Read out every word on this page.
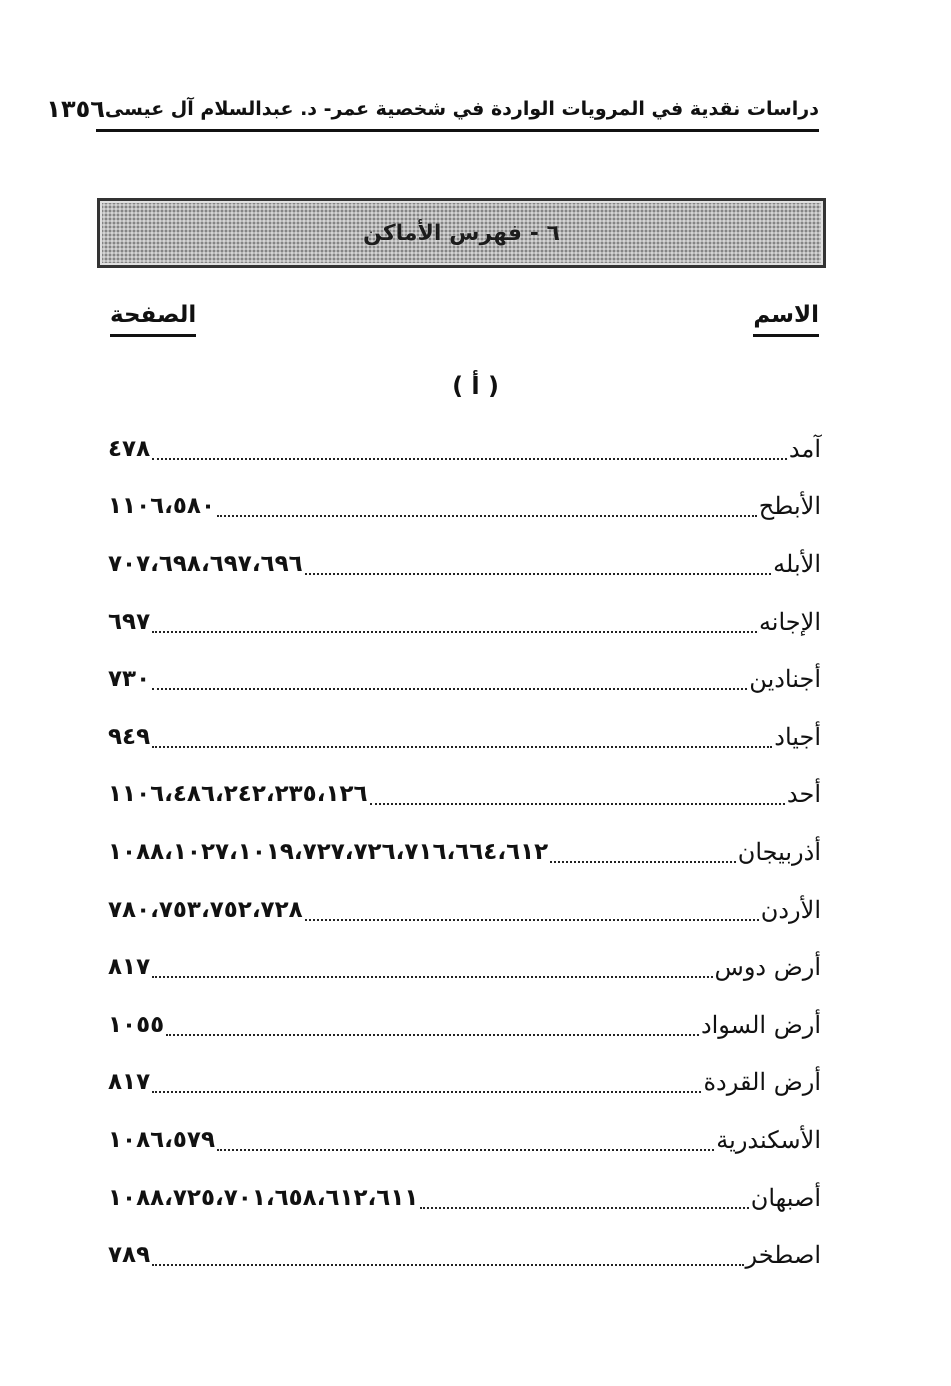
دراسات نقدية في المرويات الواردة في شخصية عمر- د. عبدالسلام آل عيسى
١٣٥٦
٦ - فهرس الأماكن
الاسم
الصفحة
( أ )
آمد
٤٧٨
الأبطح
١١٠٦،٥٨٠
الأبله
٧٠٧،٦٩٨،٦٩٧،٦٩٦
الإجانه
٦٩٧
أجنادين
٧٣٠
أجياد
٩٤٩
أحد
١١٠٦،٤٨٦،٢٤٢،٢٣٥،١٢٦
أذربيجان
١٠٨٨،١٠٢٧،١٠١٩،٧٢٧،٧٢٦،٧١٦،٦٦٤،٦١٢
الأردن
٧٨٠،٧٥٣،٧٥٢،٧٢٨
أرض دوس
٨١٧
أرض السواد
١٠٥٥
أرض القردة
٨١٧
الأسكندرية
١٠٨٦،٥٧٩
أصبهان
١٠٨٨،٧٢٥،٧٠١،٦٥٨،٦١٢،٦١١
اصطخر
٧٨٩
